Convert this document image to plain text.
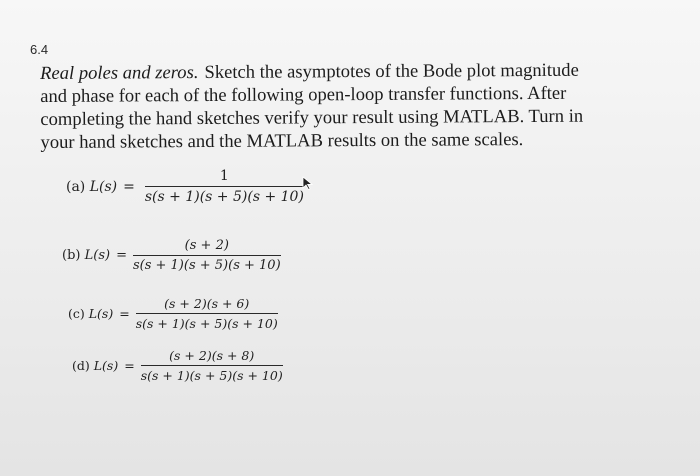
6.4
Real poles and zeros. Sketch the asymptotes of the Bode plot magnitude
and phase for each of the following open-loop transfer functions. After
completing the hand sketches verify your result using MATLAB. Turn in
your hand sketches and the MATLAB results on the same scales.
(a) $L(s) = \frac{1}{s(s + 1)(s + 5)(s + 10)}$
(b) $L(s) = \frac{(s + 2)}{s(s + 1)(s + 5)(s + 10)}$
(c) $L(s) = \frac{(s + 2)(s + 6)}{s(s + 1)(s + 5)(s + 10)}$
(d) $L(s) = \frac{(s + 2)(s + 8)}{s(s + 1)(s + 5)(s + 10)}$
